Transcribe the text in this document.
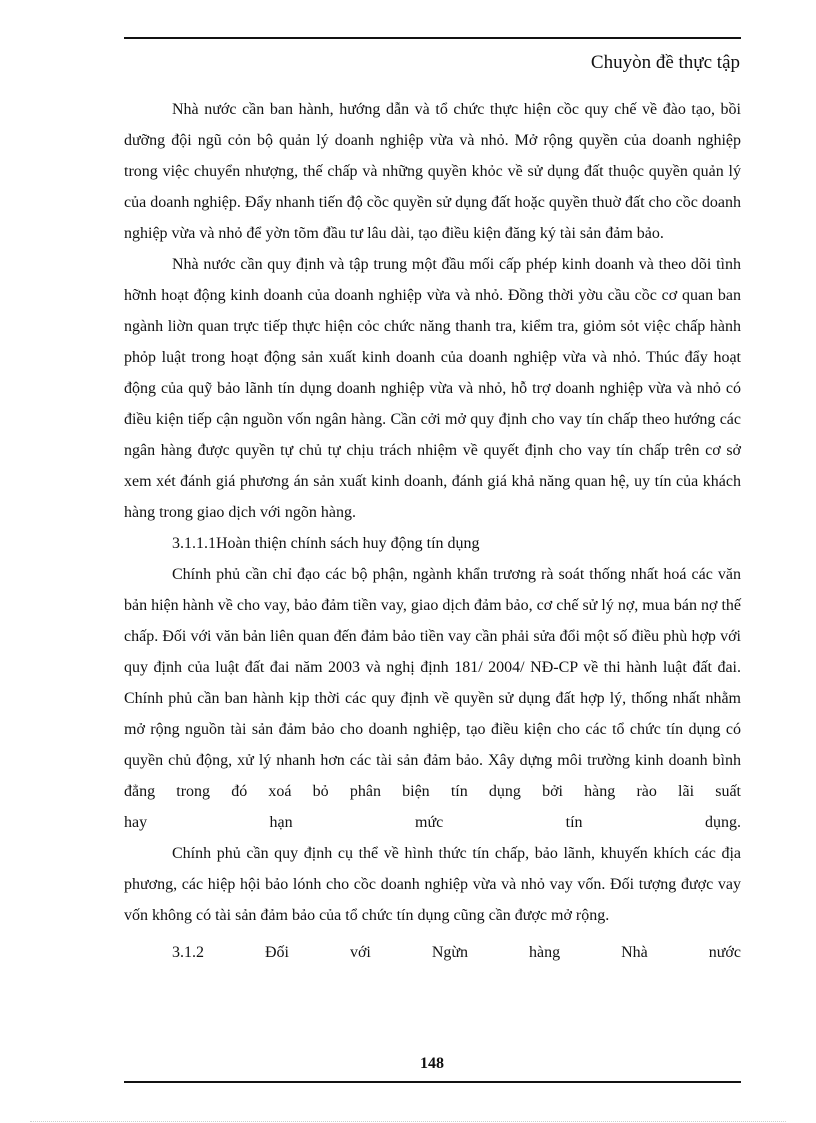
Chuyòn đề thực tập

Nhà nước cần ban hành, hướng dẫn và tổ chức thực hiện cồc quy chế về đào tạo, bồi dưỡng đội ngũ cỏn bộ quản lý doanh nghiệp vừa và nhỏ. Mở rộng quyền của doanh nghiệp trong việc chuyển nhượng, thế chấp và những quyền khỏc về sử dụng đất thuộc quyền quản lý của doanh nghiệp. Đẩy nhanh tiến độ cồc quyền sử dụng đất hoặc quyền thuờ đất cho cồc doanh nghiệp vừa và nhỏ để yờn tõm đầu tư lâu dài, tạo điều kiện đăng ký tài sản đảm bảo.

Nhà nước cần quy định và tập trung một đầu mối cấp phép kinh doanh và theo dõi tình hỡnh hoạt động kinh doanh của doanh nghiệp vừa và nhỏ. Đồng thời yờu cầu cồc cơ quan ban ngành liờn quan trực tiếp thực hiện cỏc chức năng thanh tra, kiểm tra, giỏm sỏt việc chấp hành phỏp luật trong hoạt động sản xuất kinh doanh của doanh nghiệp vừa và nhỏ. Thúc đẩy hoạt động của quỹ bảo lãnh tín dụng doanh nghiệp vừa và nhỏ, hỗ trợ doanh nghiệp vừa và nhỏ có điều kiện tiếp cận nguồn vốn ngân hàng. Cần cởi mở quy định cho vay tín chấp theo hướng các ngân hàng được quyền tự chủ tự chịu trách nhiệm về quyết định cho vay tín chấp trên cơ sở xem xét đánh giá phương án sản xuất kinh doanh, đánh giá khả năng quan hệ, uy tín của khách hàng trong giao dịch với ngõn hàng.

3.1.1.1Hoàn thiện chính sách huy động tín dụng

Chính phủ cần chỉ đạo các bộ phận, ngành khẩn trương rà soát thống nhất hoá các văn bản hiện hành về cho vay, bảo đảm tiền vay, giao dịch đảm bảo, cơ chế sử lý nợ, mua bán nợ thế chấp. Đối với văn bản liên quan đến đảm bảo tiền vay cần phải sửa đổi một số điều phù hợp với quy định của luật đất đai năm 2003 và nghị định 181/ 2004/ NĐ-CP về thi hành luật đất đai. Chính phủ cần ban hành kịp thời các quy định về quyền sử dụng đất hợp lý, thống nhất nhằm mở rộng nguồn tài sản đảm bảo cho doanh nghiệp, tạo điều kiện cho các tổ chức tín dụng có quyền chủ động, xử lý nhanh hơn các tài sản đảm bảo. Xây dựng môi trường kinh doanh bình đẳng trong đó xoá bỏ phân biện tín dụng bởi hàng rào lãi suất

hay	hạn	mức	tín	dụng.

Chính phủ cần quy định cụ thể về hình thức tín chấp, bảo lãnh, khuyến khích các địa phương, các hiệp hội bảo lónh cho cồc doanh nghiệp vừa và nhỏ vay vốn. Đối tượng được vay vốn không có tài sản đảm bảo của tổ chức tín dụng cũng cần được mở rộng.

3.1.2	Đối	với	Ngừn	hàng	Nhà	nước
148
